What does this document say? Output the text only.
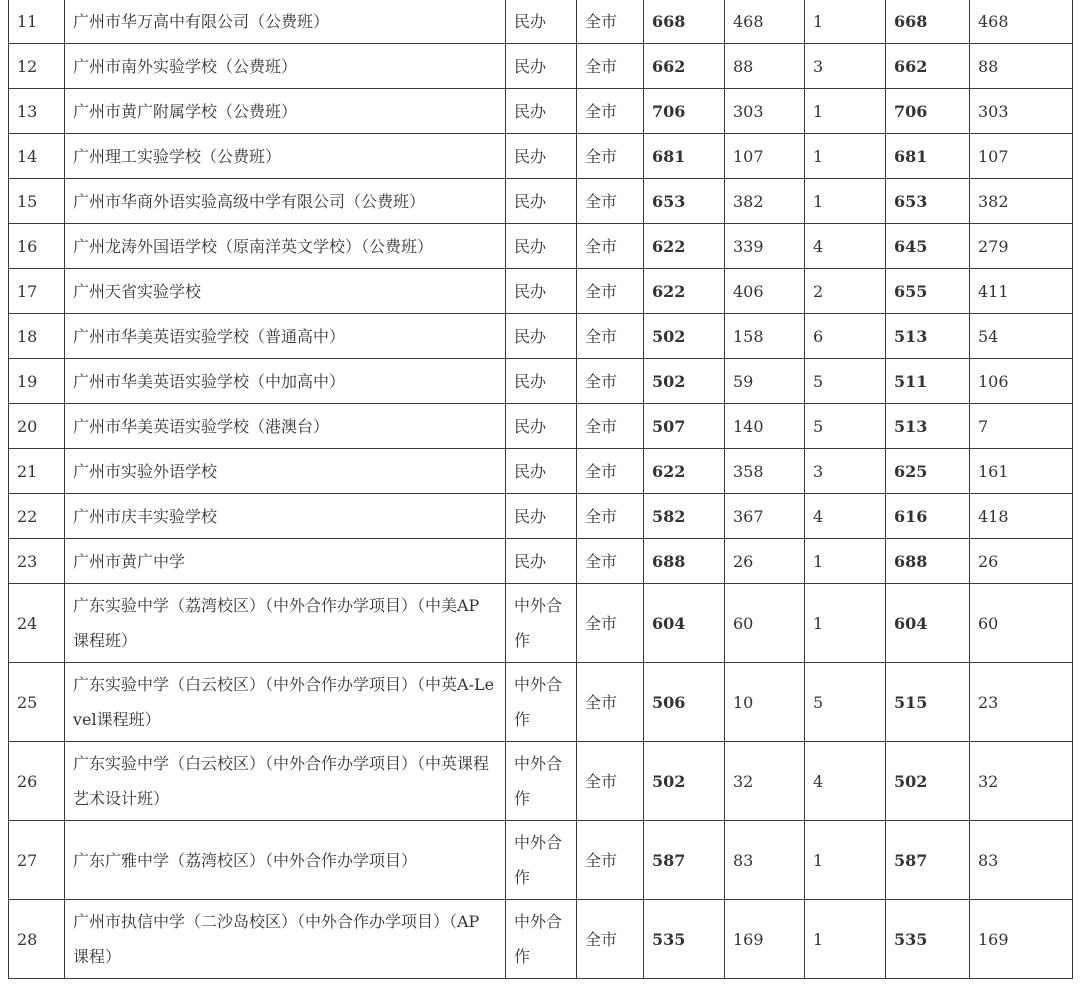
11	广州市华万高中有限公司（公费班）	民办	全市	668	468	1	668	468
12	广州市南外实验学校（公费班）	民办	全市	662	88	3	662	88
13	广州市黄广附属学校（公费班）	民办	全市	706	303	1	706	303
14	广州理工实验学校（公费班）	民办	全市	681	107	1	681	107
15	广州市华商外语实验高级中学有限公司（公费班）	民办	全市	653	382	1	653	382
16	广州龙涛外国语学校（原南洋英文学校）（公费班）	民办	全市	622	339	4	645	279
17	广州天省实验学校	民办	全市	622	406	2	655	411
18	广州市华美英语实验学校（普通高中）	民办	全市	502	158	6	513	54
19	广州市华美英语实验学校（中加高中）	民办	全市	502	59	5	511	106
20	广州市华美英语实验学校（港澳台）	民办	全市	507	140	5	513	7
21	广州市实验外语学校	民办	全市	622	358	3	625	161
22	广州市庆丰实验学校	民办	全市	582	367	4	616	418
23	广州市黄广中学	民办	全市	688	26	1	688	26
24	广东实验中学（荔湾校区）（中外合作办学项目）（中美AP课程班）	中外合作	全市	604	60	1	604	60
25	广东实验中学（白云校区）（中外合作办学项目）（中英A-Level课程班）	中外合作	全市	506	10	5	515	23
26	广东实验中学（白云校区）（中外合作办学项目）（中英课程艺术设计班）	中外合作	全市	502	32	4	502	32
27	广东广雅中学（荔湾校区）（中外合作办学项目）	中外合作	全市	587	83	1	587	83
28	广州市执信中学（二沙岛校区）（中外合作办学项目）（AP课程）	中外合作	全市	535	169	1	535	169
